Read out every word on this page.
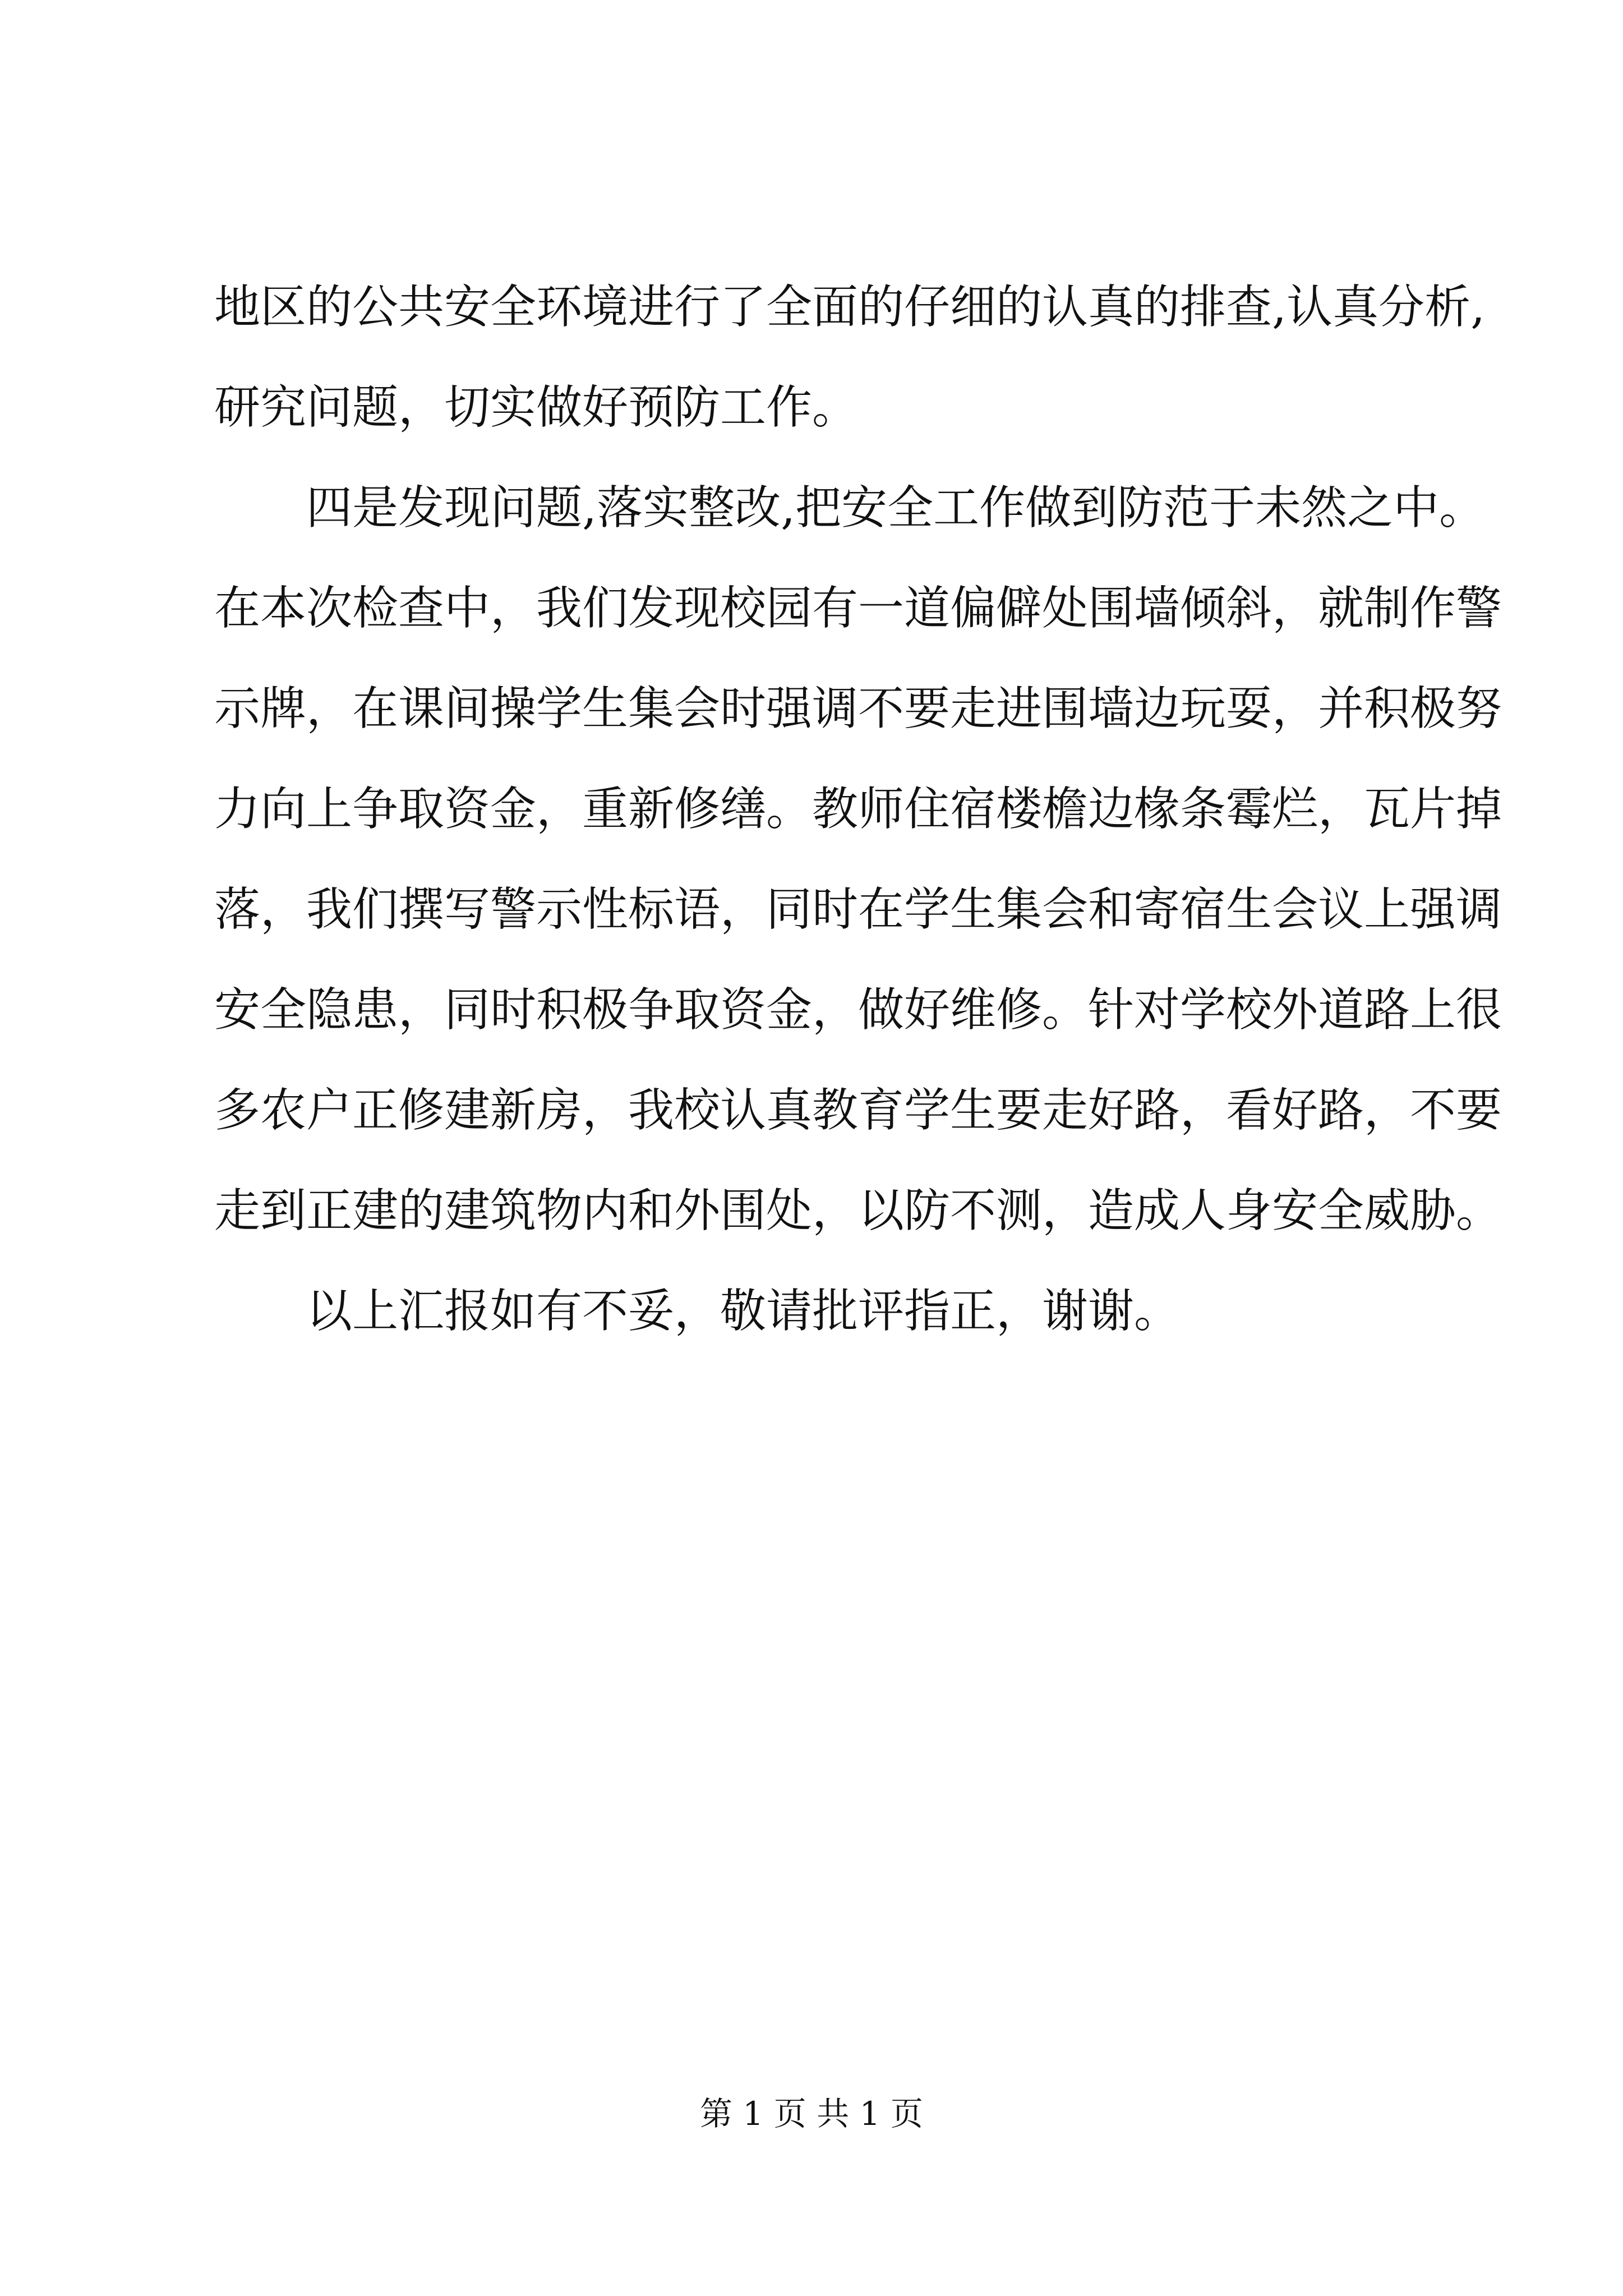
地区的公共安全环境进行了全面的仔细的认真的排查,认真分析,
研究问题，切实做好预防工作。
四是发现问题,落实整改,把安全工作做到防范于未然之中。
在本次检查中，我们发现校园有一道偏僻处围墙倾斜，就制作警
示牌，在课间操学生集会时强调不要走进围墙边玩耍，并积极努
力向上争取资金，重新修缮。教师住宿楼檐边椽条霉烂，瓦片掉
落，我们撰写警示性标语，同时在学生集会和寄宿生会议上强调
安全隐患，同时积极争取资金，做好维修。针对学校外道路上很
多农户正修建新房，我校认真教育学生要走好路，看好路，不要
走到正建的建筑物内和外围处，以防不测，造成人身安全威胁。
以上汇报如有不妥，敬请批评指正，谢谢。
第 1 页 共 1 页
